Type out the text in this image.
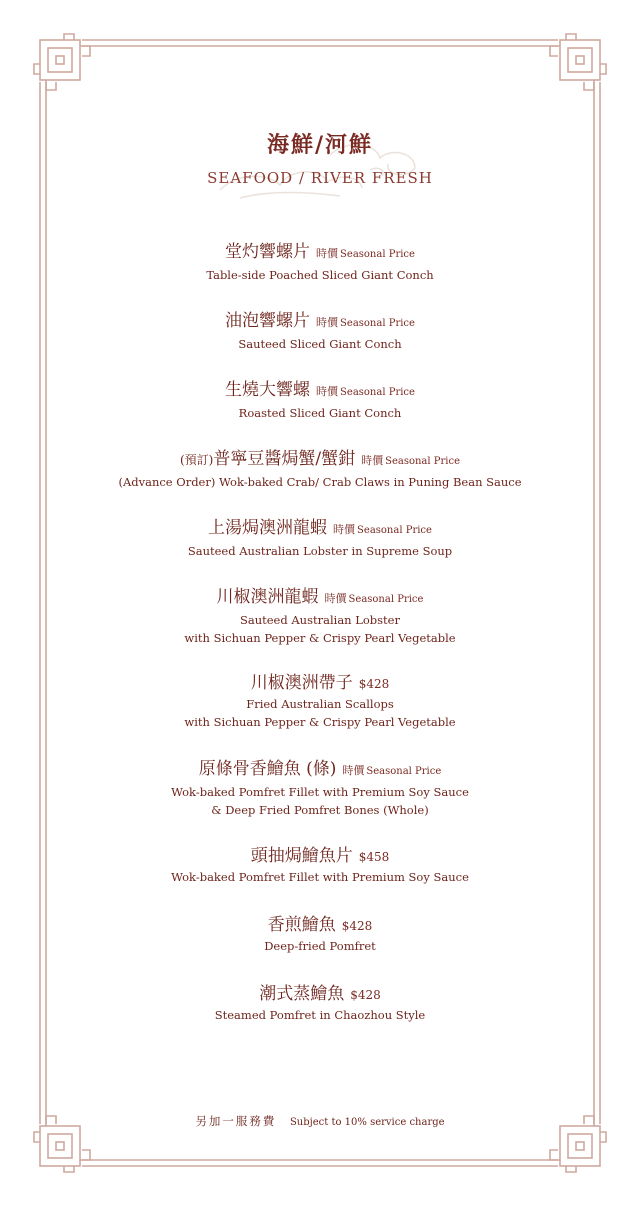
海鮮/河鮮
SEAFOOD / RIVER FRESH
堂灼響螺片 時價 Seasonal Price
Table-side Poached Sliced Giant Conch
油泡響螺片 時價 Seasonal Price
Sauteed Sliced Giant Conch
生燒大響螺 時價 Seasonal Price
Roasted Sliced Giant Conch
(預訂)普寧豆醬焗蟹/蟹鉗 時價 Seasonal Price
(Advance Order) Wok-baked Crab/ Crab Claws in Puning Bean Sauce
上湯焗澳洲龍蝦 時價 Seasonal Price
Sauteed Australian Lobster in Supreme Soup
川椒澳洲龍蝦 時價 Seasonal Price
Sauteed Australian Lobster
with Sichuan Pepper & Crispy Pearl Vegetable
川椒澳洲帶子 $428
Fried Australian Scallops
with Sichuan Pepper & Crispy Pearl Vegetable
原條骨香鱠魚 (條) 時價 Seasonal Price
Wok-baked Pomfret Fillet with Premium Soy Sauce
& Deep Fried Pomfret Bones (Whole)
頭抽焗鱠魚片 $458
Wok-baked Pomfret Fillet with Premium Soy Sauce
香煎鱠魚 $428
Deep-fried Pomfret
潮式蒸鱠魚 $428
Steamed Pomfret in Chaozhou Style
另加一服務費 Subject to 10% service charge
